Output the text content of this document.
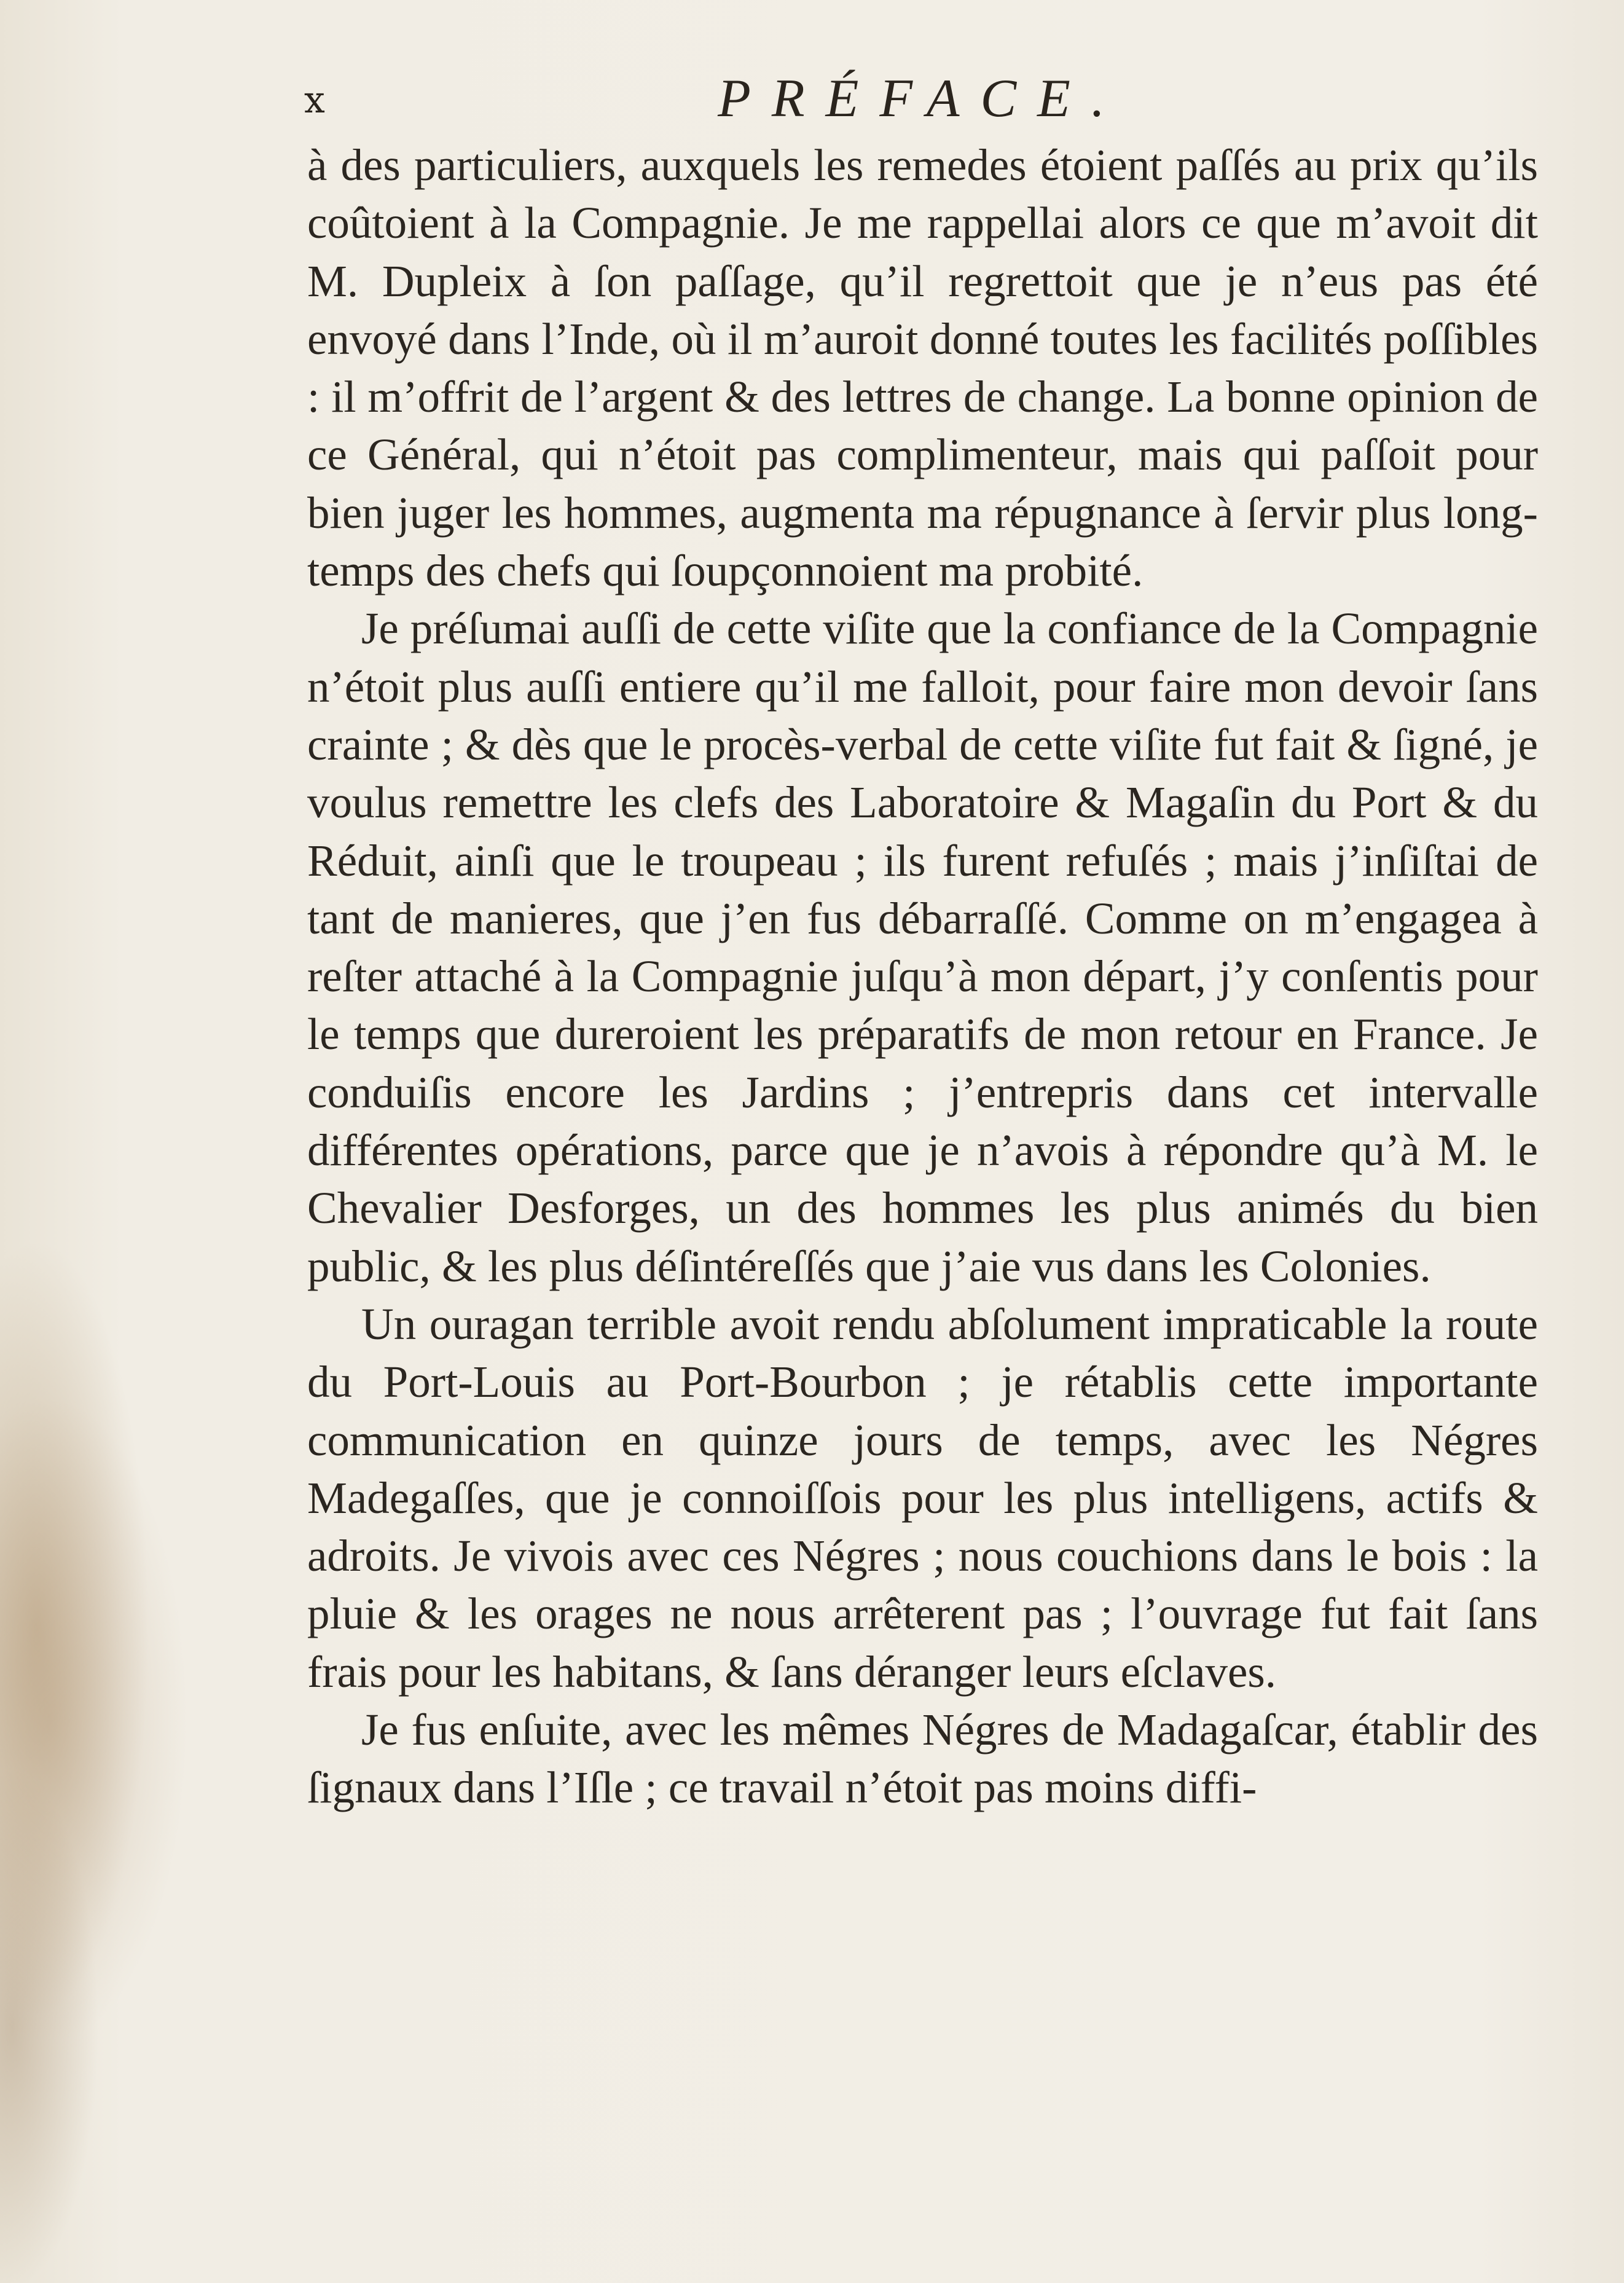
x	PRÉFACE.

à des particuliers, auxquels les remedes étoient paſſés au prix qu’ils coûtoient à la Compagnie. Je me rappellai alors ce que m’avoit dit M. Dupleix à ſon paſſage, qu’il regrettoit que je n’eus pas été envoyé dans l’Inde, où il m’auroit donné toutes les facilités poſſibles : il m’offrit de l’argent & des lettres de change. La bonne opinion de ce Général, qui n’étoit pas complimenteur, mais qui paſſoit pour bien juger les hommes, augmenta ma répugnance à ſervir plus long-temps des chefs qui ſoupçonnoient ma probité.

Je préſumai auſſi de cette viſite que la confiance de la Compagnie n’étoit plus auſſi entiere qu’il me falloit, pour faire mon devoir ſans crainte ; & dès que le procès-verbal de cette viſite fut fait & ſigné, je voulus remettre les clefs des Laboratoire & Magaſin du Port & du Réduit, ainſi que le troupeau ; ils furent refuſés ; mais j’inſiſtai de tant de manieres, que j’en fus débarraſſé. Comme on m’engagea à reſter attaché à la Compagnie juſqu’à mon départ, j’y conſentis pour le temps que dureroient les préparatifs de mon retour en France. Je conduiſis encore les Jardins ; j’entrepris dans cet intervalle différentes opérations, parce que je n’avois à répondre qu’à M. le Chevalier Desforges, un des hommes les plus animés du bien public, & les plus déſintéreſſés que j’aie vus dans les Colonies.

Un ouragan terrible avoit rendu abſolument impraticable la route du Port-Louis au Port-Bourbon ; je rétablis cette importante communication en quinze jours de temps, avec les Négres Madegaſſes, que je connoiſſois pour les plus intelligens, actifs & adroits. Je vivois avec ces Négres ; nous couchions dans le bois : la pluie & les orages ne nous arrêterent pas ; l’ouvrage fut fait ſans frais pour les habitans, & ſans déranger leurs eſclaves.

Je fus enſuite, avec les mêmes Négres de Madagaſcar, établir des ſignaux dans l’Iſle ; ce travail n’étoit pas moins diffi-
